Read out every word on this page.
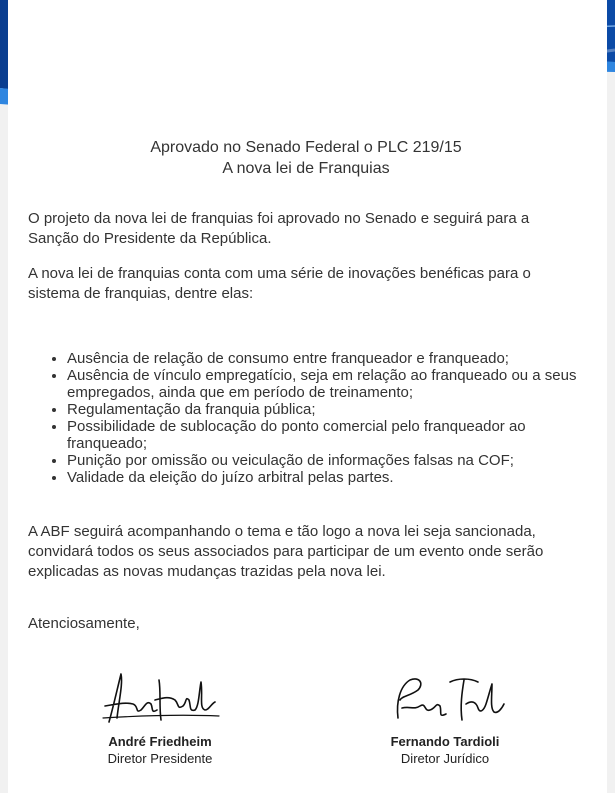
Aprovado no Senado Federal o PLC 219/15
A nova lei de Franquias

O projeto da nova lei de franquias foi aprovado no Senado e seguirá para a Sanção do Presidente da República.

A nova lei de franquias conta com uma série de inovações benéficas para o sistema de franquias, dentre elas:

• Ausência de relação de consumo entre franqueador e franqueado;
• Ausência de vínculo empregatício, seja em relação ao franqueado ou a seus empregados, ainda que em período de treinamento;
• Regulamentação da franquia pública;
• Possibilidade de sublocação do ponto comercial pelo franqueador ao franqueado;
• Punição por omissão ou veiculação de informações falsas na COF;
• Validade da eleição do juízo arbitral pelas partes.

A ABF seguirá acompanhando o tema e tão logo a nova lei seja sancionada, convidará todos os seus associados para participar de um evento onde serão explicadas as novas mudanças trazidas pela nova lei.

Atenciosamente,

André Friedheim
Diretor Presidente
Fernando Tardioli
Diretor Jurídico
